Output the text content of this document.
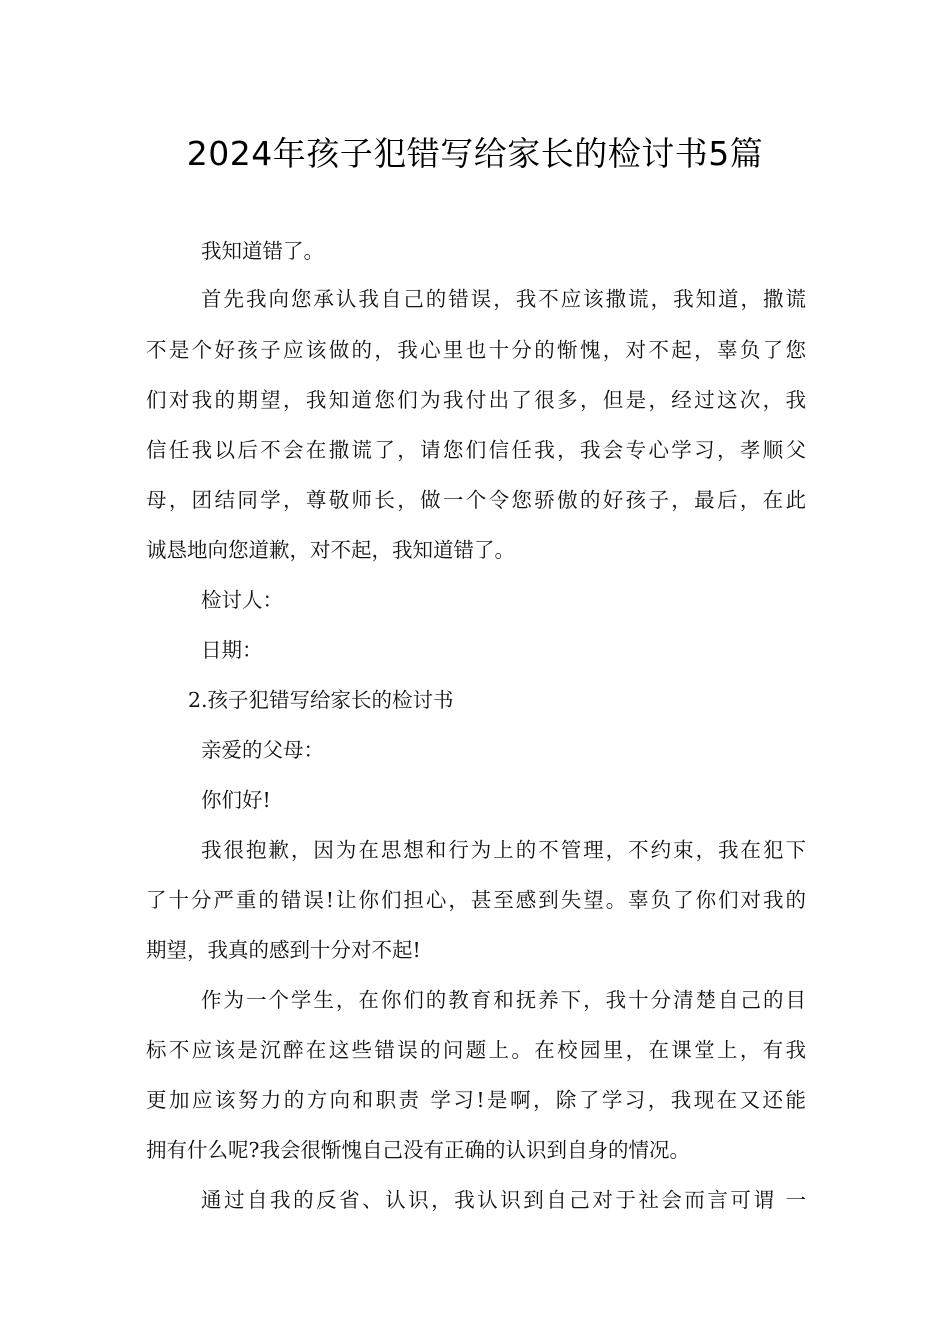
2024年孩子犯错写给家长的检讨书5篇
我知道错了。
首先我向您承认我自己的错误，我不应该撒谎，我知道，撒谎
不是个好孩子应该做的，我心里也十分的惭愧，对不起，辜负了您
们对我的期望，我知道您们为我付出了很多，但是，经过这次，我
信任我以后不会在撒谎了，请您们信任我，我会专心学习，孝顺父
母，团结同学，尊敬师长，做一个令您骄傲的好孩子，最后，在此
诚恳地向您道歉，对不起，我知道错了。
检讨人：
日期：
2.孩子犯错写给家长的检讨书
亲爱的父母：
你们好!
我很抱歉，因为在思想和行为上的不管理，不约束，我在犯下
了十分严重的错误!让你们担心，甚至感到失望。辜负了你们对我的
期望，我真的感到十分对不起!
作为一个学生，在你们的教育和抚养下，我十分清楚自己的目
标不应该是沉醉在这些错误的问题上。在校园里，在课堂上，有我
更加应该努力的方向和职责 学习!是啊，除了学习，我现在又还能
拥有什么呢?我会很惭愧自己没有正确的认识到自身的情况。
通过自我的反省、认识，我认识到自己对于社会而言可谓 一
